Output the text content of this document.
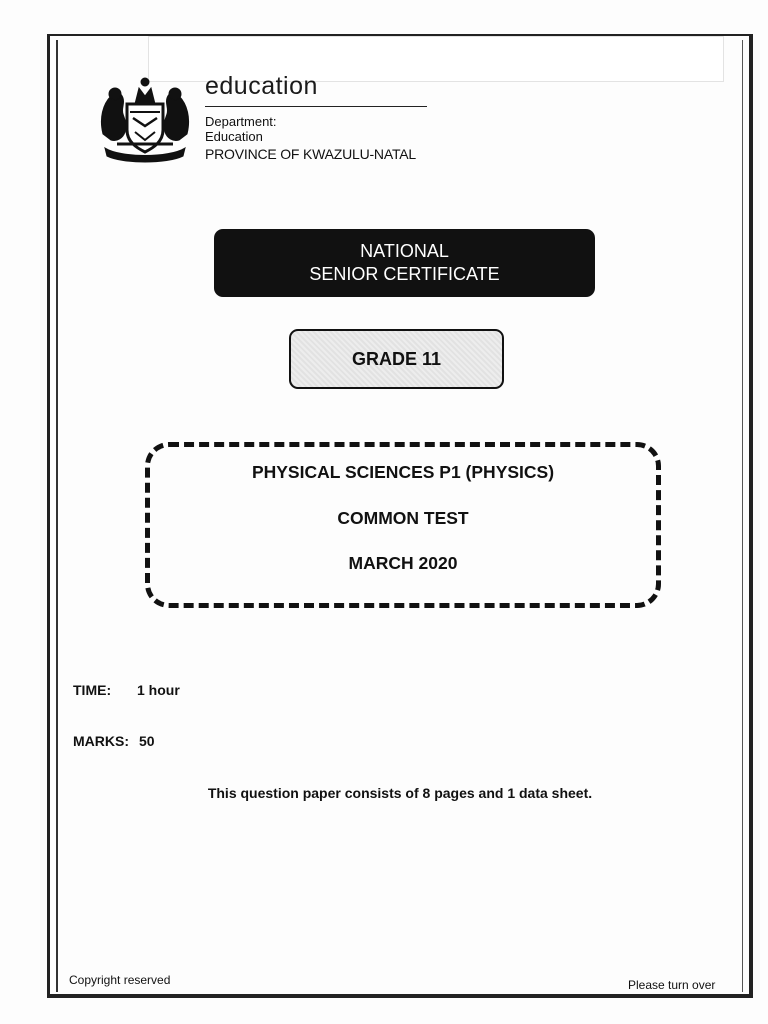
education
Department:
Education
PROVINCE OF KWAZULU-NATAL
NATIONAL
SENIOR CERTIFICATE
GRADE 11
PHYSICAL SCIENCES P1 (PHYSICS)
COMMON TEST
MARCH 2020
TIME: 1 hour
MARKS: 50
This question paper consists of 8 pages and 1 data sheet.
Copyright reserved	Please turn over
